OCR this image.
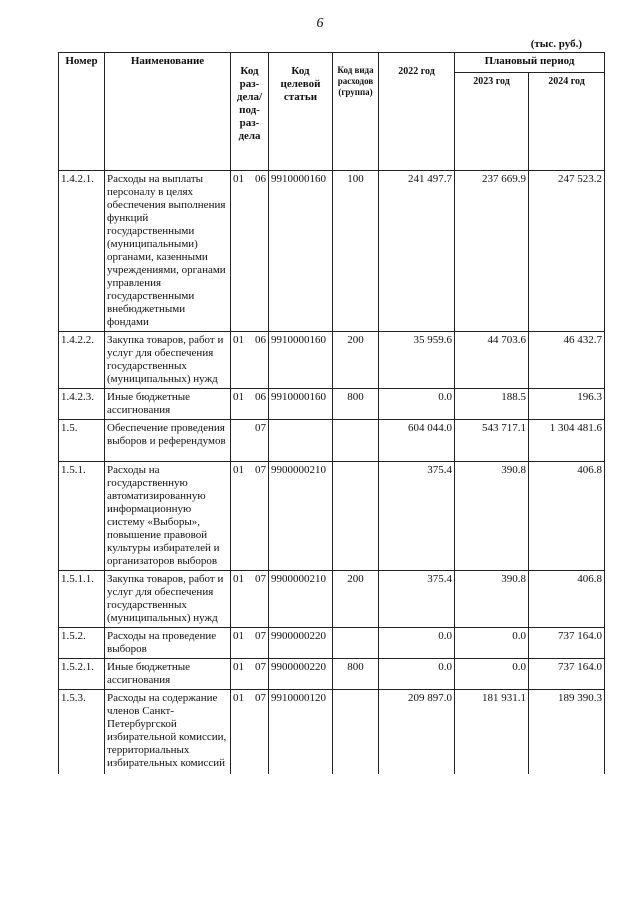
6
(тыс. руб.)
Номер	Наименование	Код раз-дела/ под-раз-дела	Код целевой статьи	Код вида расходов (группа)	2022 год	Плановый период	
						2023 год	2024 год
1.4.2.1.	Расходы на выплаты персоналу в целях обеспечения выполнения функций государственными (муниципальными) органами, казенными учреждениями, органами управления государственными внебюджетными фондами	01 06	9910000160	100	241 497.7	237 669.9	247 523.2
1.4.2.2.	Закупка товаров, работ и услуг для обеспечения государственных (муниципальных) нужд	01 06	9910000160	200	35 959.6	44 703.6	46 432.7
1.4.2.3.	Иные бюджетные ассигнования	01 06	9910000160	800	0.0	188.5	196.3
1.5.	Обеспечение проведения выборов и референдумов	07			604 044.0	543 717.1	1 304 481.6
1.5.1.	Расходы на государственную автоматизированную информационную систему «Выборы», повышение правовой культуры избирателей и организаторов выборов	01 07	9900000210		375.4	390.8	406.8
1.5.1.1.	Закупка товаров, работ и услуг для обеспечения государственных (муниципальных) нужд	01 07	9900000210	200	375.4	390.8	406.8
1.5.2.	Расходы на проведение выборов	01 07	9900000220		0.0	0.0	737 164.0
1.5.2.1.	Иные бюджетные ассигнования	01 07	9900000220	800	0.0	0.0	737 164.0
1.5.3.	Расходы на содержание членов Санкт-Петербургской избирательной комиссии, территориальных избирательных комиссий	01 07	9910000120		209 897.0	181 931.1	189 390.3
